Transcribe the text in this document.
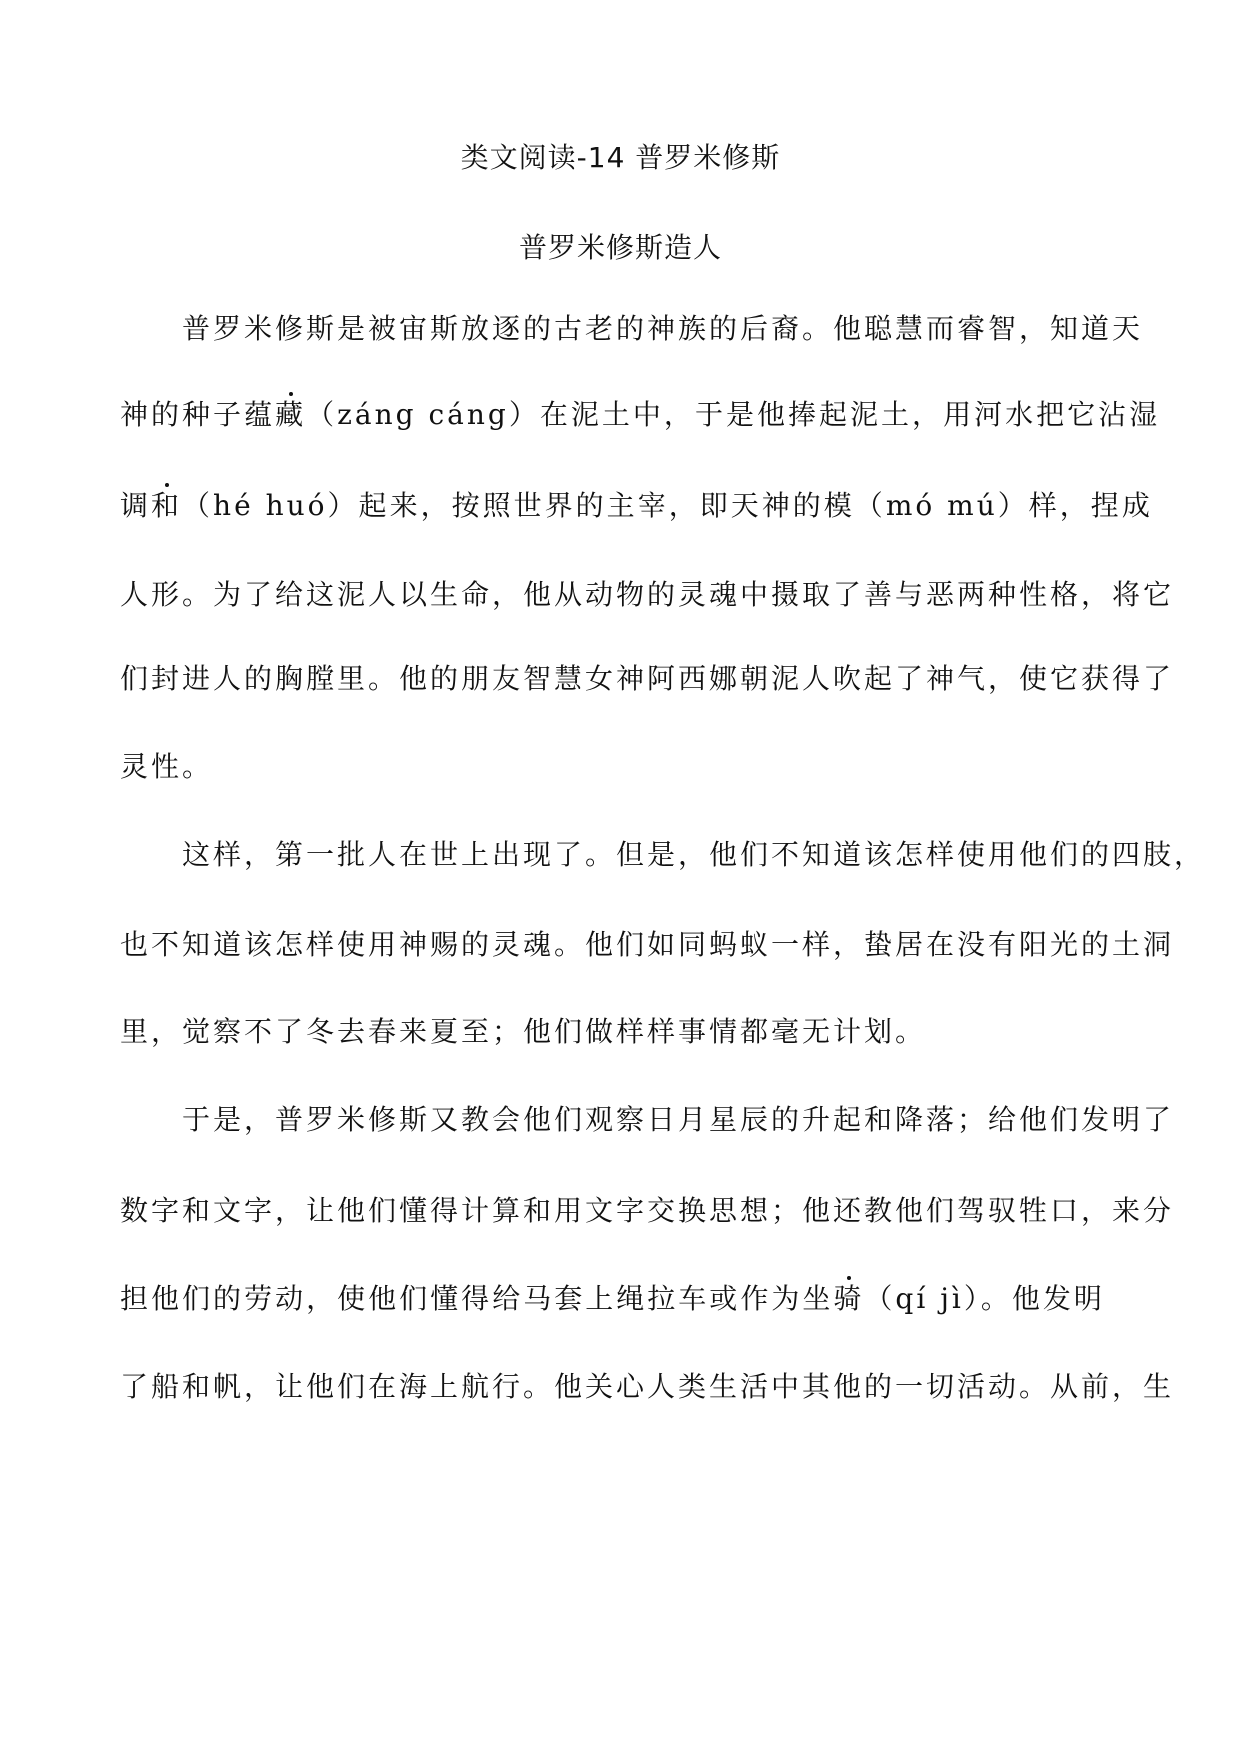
类文阅读-14 普罗米修斯
普罗米修斯造人
　　普罗米修斯是被宙斯放逐的古老的神族的后裔。他聪慧而睿智，知道天
神的种子蕴藏（záng cáng）在泥土中，于是他捧起泥土，用河水把它沾湿
调和（hé huó）起来，按照世界的主宰，即天神的模（mó mú）样，捏成
人形。为了给这泥人以生命，他从动物的灵魂中摄取了善与恶两种性格，将它
们封进人的胸膛里。他的朋友智慧女神阿西娜朝泥人吹起了神气，使它获得了
灵性。
　　这样，第一批人在世上出现了。但是，他们不知道该怎样使用他们的四肢，
也不知道该怎样使用神赐的灵魂。他们如同蚂蚁一样，蛰居在没有阳光的土洞
里，觉察不了冬去春来夏至；他们做样样事情都毫无计划。
　　于是，普罗米修斯又教会他们观察日月星辰的升起和降落；给他们发明了
数字和文字，让他们懂得计算和用文字交换思想；他还教他们驾驭牲口，来分
担他们的劳动，使他们懂得给马套上绳拉车或作为坐骑（qí jì）。他发明
了船和帆，让他们在海上航行。他关心人类生活中其他的一切活动。从前，生
